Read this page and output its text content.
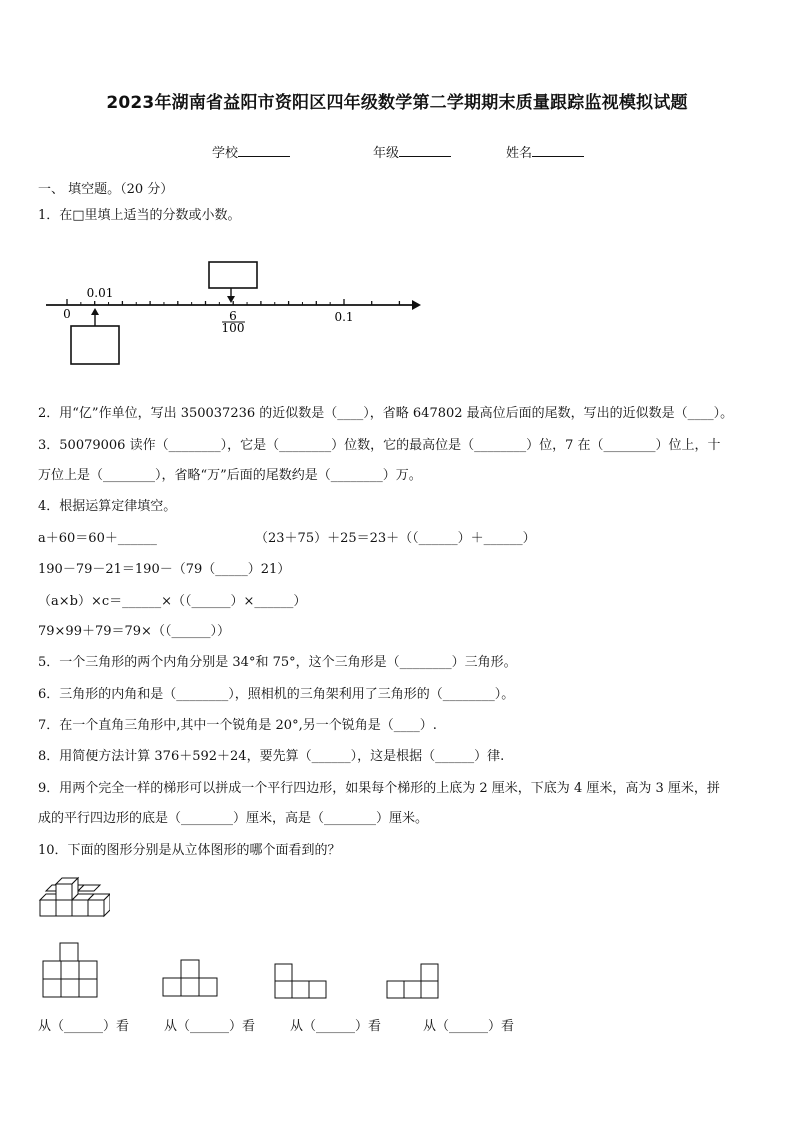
2023年湖南省益阳市资阳区四年级数学第二学期期末质量跟踪监视模拟试题
学校	年级	姓名
一、 填空题。（20 分）
1．在□里填上适当的分数或小数。
0
0.01
6
100
0.1
2．用“亿”作单位，写出 350037236 的近似数是（____），省略 647802 最高位后面的尾数，写出的近似数是（____）。
3．50079006 读作（________），它是（________）位数，它的最高位是（________）位，7 在（________）位上，十
万位上是（________），省略“万”后面的尾数约是（________）万。
4．根据运算定律填空。
a＋60＝60＋______	（23＋75）＋25＝23＋（（______）＋______）
190－79－21＝190－（79（_____）21）
（a×b）×c＝______×（（______）×______）
79×99＋79＝79×（（______））
5．一个三角形的两个内角分别是 34°和 75°，这个三角形是（________）三角形。
6．三角形的内角和是（________），照相机的三角架利用了三角形的（________）。
7．在一个直角三角形中,其中一个锐角是 20°,另一个锐角是（____）.
8．用简便方法计算 376＋592＋24，要先算（______），这是根据（______）律.
9．用两个完全一样的梯形可以拼成一个平行四边形，如果每个梯形的上底为 2 厘米，下底为 4 厘米，高为 3 厘米，拼
成的平行四边形的底是（________）厘米，高是（________）厘米。
10．下面的图形分别是从立体图形的哪个面看到的？
从（______）看	从（______）看	从（______）看	从（______）看
